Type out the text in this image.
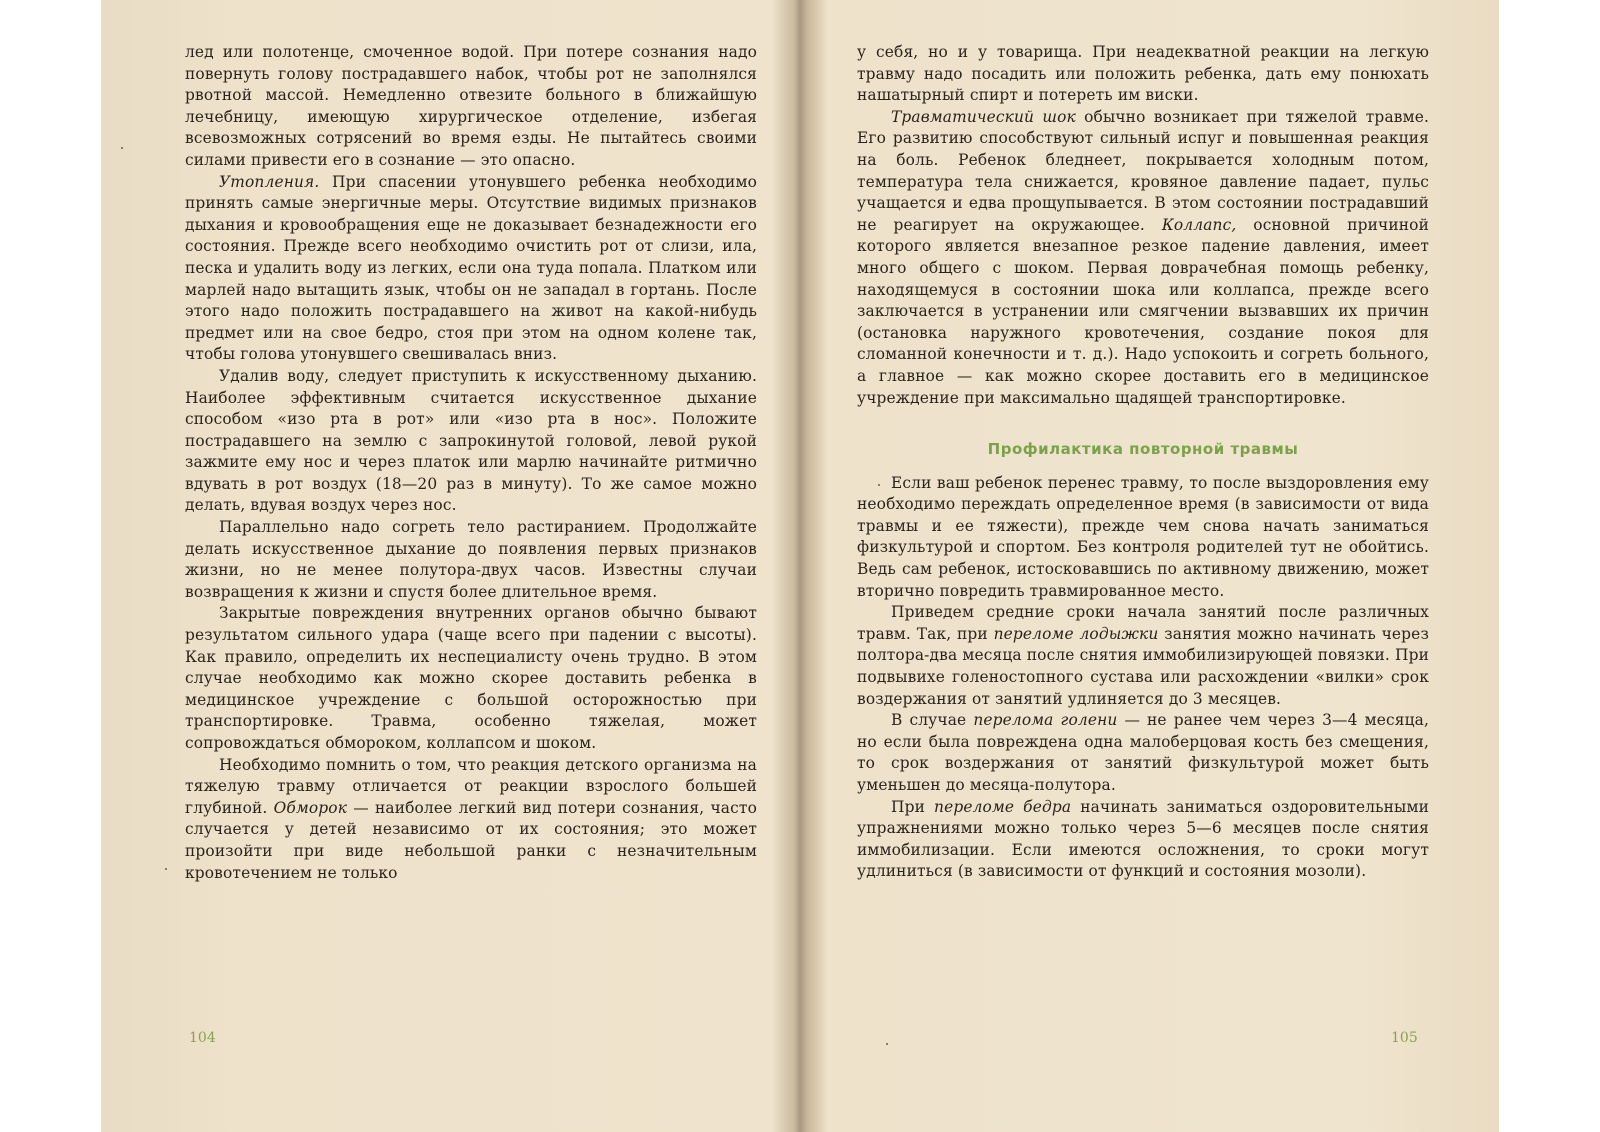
лед или полотенце, смоченное водой. При потере сознания надо повернуть голову пострадавшего набок, чтобы рот не заполнялся рвотной массой. Немедленно отвезите больного в ближайшую лечебницу, имеющую хирургическое отделение, избегая всевозможных сотрясений во время езды. Не пытайтесь своими силами привести его в сознание — это опасно.

Утопления. При спасении утонувшего ребенка необходимо принять самые энергичные меры. Отсутствие видимых признаков дыхания и кровообращения еще не доказывает безнадежности его состояния. Прежде всего необходимо очистить рот от слизи, ила, песка и удалить воду из легких, если она туда попала. Платком или марлей надо вытащить язык, чтобы он не западал в гортань. После этого надо положить пострадавшего на живот на какой-нибудь предмет или на свое бедро, стоя при этом на одном колене так, чтобы голова утонувшего свешивалась вниз.

Удалив воду, следует приступить к искусственному дыханию. Наиболее эффективным считается искусственное дыхание способом «изо рта в рот» или «изо рта в нос». Положите пострадавшего на землю с запрокинутой головой, левой рукой зажмите ему нос и через платок или марлю начинайте ритмично вдувать в рот воздух (18—20 раз в минуту). То же самое можно делать, вдувая воздух через нос.

Параллельно надо согреть тело растиранием. Продолжайте делать искусственное дыхание до появления первых признаков жизни, но не менее полутора-двух часов. Известны случаи возвращения к жизни и спустя более длительное время.

Закрытые повреждения внутренних органов обычно бывают результатом сильного удара (чаще всего при падении с высоты). Как правило, определить их неспециалисту очень трудно. В этом случае необходимо как можно скорее доставить ребенка в медицинское учреждение с большой осторожностью при транспортировке. Травма, особенно тяжелая, может сопровождаться обмороком, коллапсом и шоком.

Необходимо помнить о том, что реакция детского организма на тяжелую травму отличается от реакции взрослого большей глубиной. Обморок — наиболее легкий вид потери сознания, часто случается у детей независимо от их состояния; это может произойти при виде небольшой ранки с незначительным кровотечением не только

104

у себя, но и у товарища. При неадекватной реакции на легкую травму надо посадить или положить ребенка, дать ему понюхать нашатырный спирт и потереть им виски.

Травматический шок обычно возникает при тяжелой травме. Его развитию способствуют сильный испуг и повышенная реакция на боль. Ребенок бледнеет, покрывается холодным потом, температура тела снижается, кровяное давление падает, пульс учащается и едва прощупывается. В этом состоянии пострадавший не реагирует на окружающее. Коллапс, основной причиной которого является внезапное резкое падение давления, имеет много общего с шоком. Первая доврачебная помощь ребенку, находящемуся в состоянии шока или коллапса, прежде всего заключается в устранении или смягчении вызвавших их причин (остановка наружного кровотечения, создание покоя для сломанной конечности и т. д.). Надо успокоить и согреть больного, а главное — как можно скорее доставить его в медицинское учреждение при максимально щадящей транспортировке.

Профилактика повторной травмы

Если ваш ребенок перенес травму, то после выздоровления ему необходимо переждать определенное время (в зависимости от вида травмы и ее тяжести), прежде чем снова начать заниматься физкультурой и спортом. Без контроля родителей тут не обойтись. Ведь сам ребенок, истосковавшись по активному движению, может вторично повредить травмированное место.

Приведем средние сроки начала занятий после различных травм. Так, при переломе лодыжки занятия можно начинать через полтора-два месяца после снятия иммобилизирующей повязки. При подвывихе голеностопного сустава или расхождении «вилки» срок воздержания от занятий удлиняется до 3 месяцев.

В случае перелома голени — не ранее чем через 3—4 месяца, но если была повреждена одна малоберцовая кость без смещения, то срок воздержания от занятий физкультурой может быть уменьшен до месяца-полутора.

При переломе бедра начинать заниматься оздоровительными упражнениями можно только через 5—6 месяцев после снятия иммобилизации. Если имеются осложнения, то сроки могут удлиниться (в зависимости от функций и состояния мозоли).

105
